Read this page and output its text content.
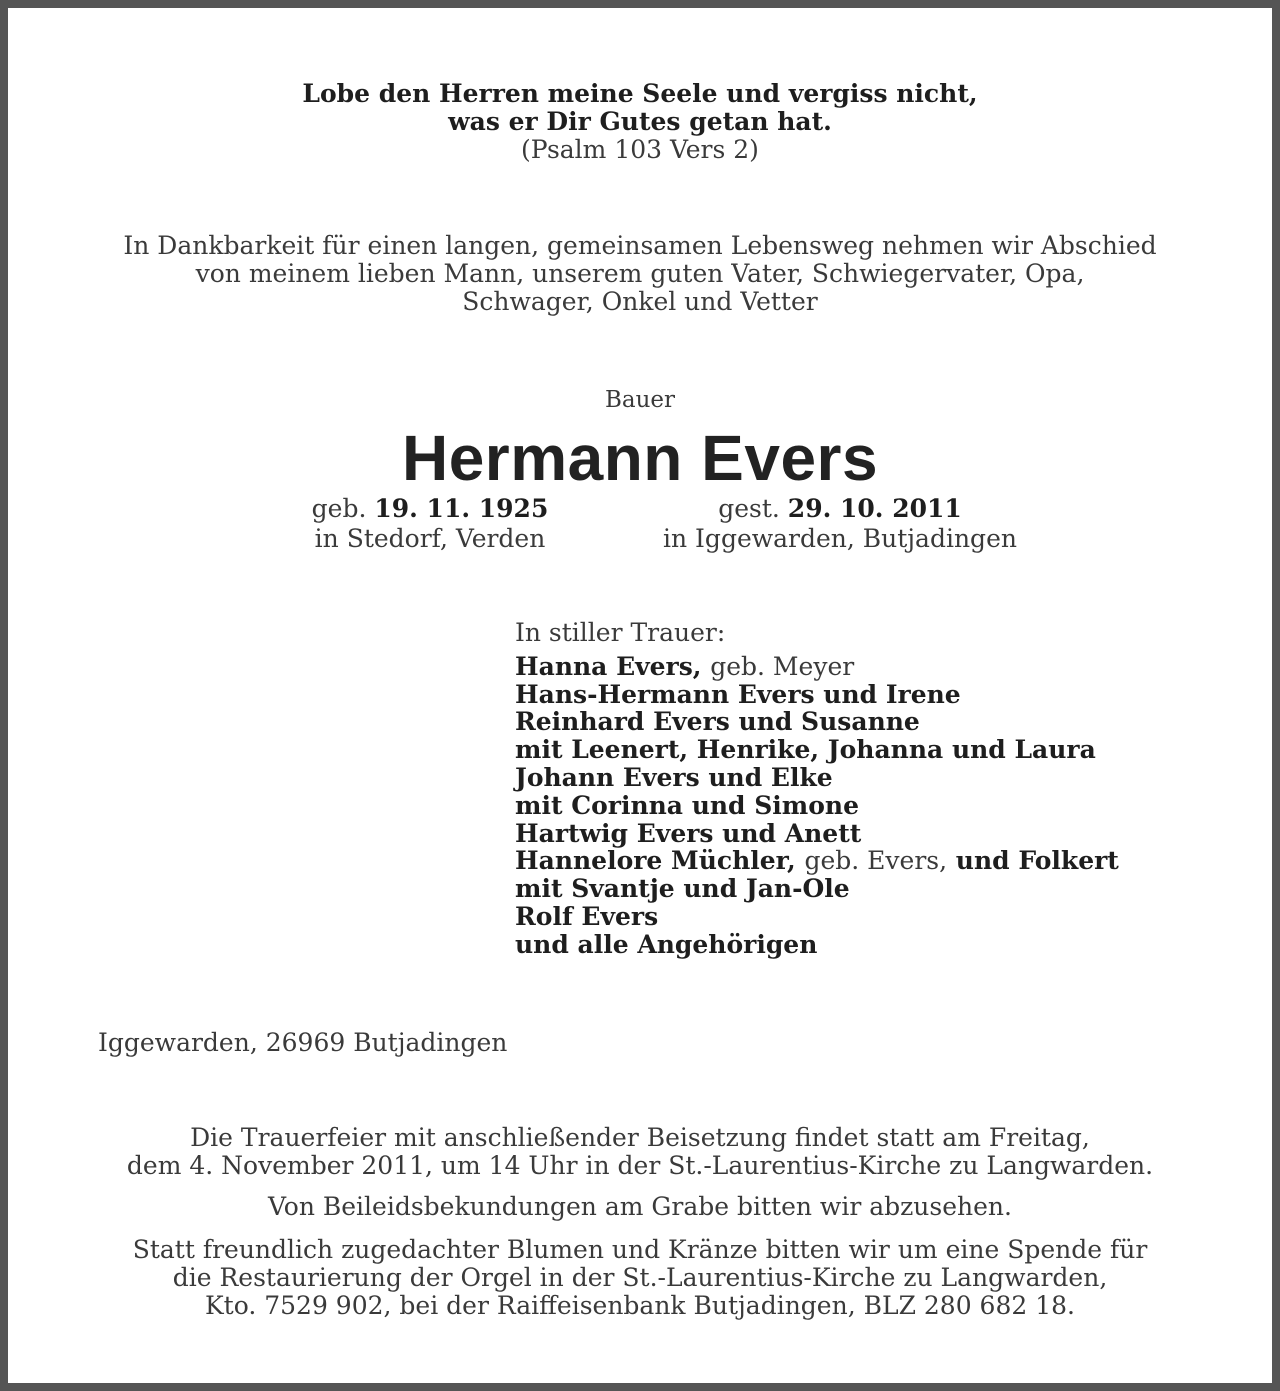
Lobe den Herren meine Seele und vergiss nicht,
was er Dir Gutes getan hat.
(Psalm 103 Vers 2)
In Dankbarkeit für einen langen, gemeinsamen Lebensweg nehmen wir Abschied
von meinem lieben Mann, unserem guten Vater, Schwiegervater, Opa,
Schwager, Onkel und Vetter
Bauer
Hermann Evers
geb. 19. 11. 1925
in Stedorf, Verden
gest. 29. 10. 2011
in Iggewarden, Butjadingen
In stiller Trauer:
Hanna Evers, geb. Meyer
Hans-Hermann Evers und Irene
Reinhard Evers und Susanne
mit Leenert, Henrike, Johanna und Laura
Johann Evers und Elke
mit Corinna und Simone
Hartwig Evers und Anett
Hannelore Müchler, geb. Evers, und Folkert
mit Svantje und Jan-Ole
Rolf Evers
und alle Angehörigen
Iggewarden, 26969 Butjadingen
Die Trauerfeier mit anschließender Beisetzung findet statt am Freitag,
dem 4. November 2011, um 14 Uhr in der St.-Laurentius-Kirche zu Langwarden.
Von Beileidsbekundungen am Grabe bitten wir abzusehen.
Statt freundlich zugedachter Blumen und Kränze bitten wir um eine Spende für
die Restaurierung der Orgel in der St.-Laurentius-Kirche zu Langwarden,
Kto. 7529 902, bei der Raiffeisenbank Butjadingen, BLZ 280 682 18.
